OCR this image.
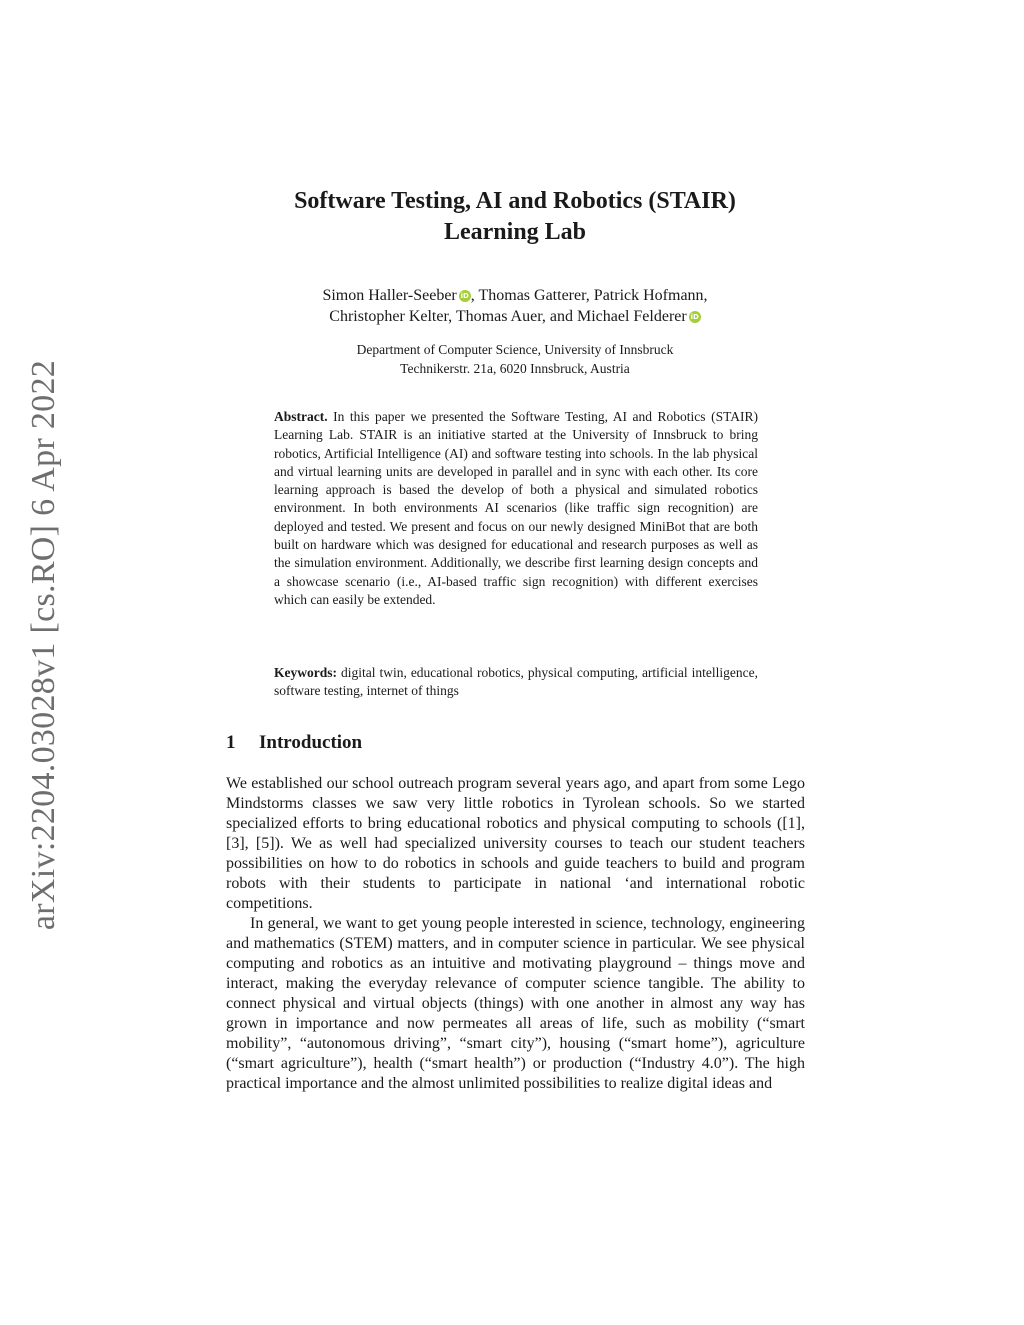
arXiv:2204.03028v1 [cs.RO] 6 Apr 2022
Software Testing, AI and Robotics (STAIR)
Learning Lab
Simon Haller-Seeber iD , Thomas Gatterer, Patrick Hofmann,
Christopher Kelter, Thomas Auer, and Michael Felderer iD
Department of Computer Science, University of Innsbruck
Technikerstr. 21a, 6020 Innsbruck, Austria

Abstract. In this paper we presented the Software Testing, AI and Robotics (STAIR) Learning Lab. STAIR is an initiative started at the University of Innsbruck to bring robotics, Artificial Intelligence (AI) and software testing into schools. In the lab physical and virtual learning units are developed in parallel and in sync with each other. Its core learning approach is based the develop of both a physical and simulated robotics environment. In both environments AI scenarios (like traffic sign recognition) are deployed and tested. We present and focus on our newly designed MiniBot that are both built on hardware which was designed for educational and research purposes as well as the simulation environment. Additionally, we describe first learning design concepts and a showcase scenario (i.e., AI-based traffic sign recognition) with different exercises which can easily be extended.

Keywords: digital twin, educational robotics, physical computing, artificial intelligence, software testing, internet of things

1 Introduction

We established our school outreach program several years ago, and apart from some Lego Mindstorms classes we saw very little robotics in Tyrolean schools. So we started specialized efforts to bring educational robotics and physical computing to schools ([1], [3], [5]). We as well had specialized university courses to teach our student teachers possibilities on how to do robotics in schools and guide teachers to build and program robots with their students to participate in national ‘and international robotic competitions.

In general, we want to get young people interested in science, technology, engineering and mathematics (STEM) matters, and in computer science in particular. We see physical computing and robotics as an intuitive and motivating playground – things move and interact, making the everyday relevance of computer science tangible. The ability to connect physical and virtual objects (things) with one another in almost any way has grown in importance and now permeates all areas of life, such as mobility (“smart mobility”, “autonomous driving”, “smart city”), housing (“smart home”), agriculture (“smart agriculture”), health (“smart health”) or production (“Industry 4.0”). The high practical importance and the almost unlimited possibilities to realize digital ideas and
